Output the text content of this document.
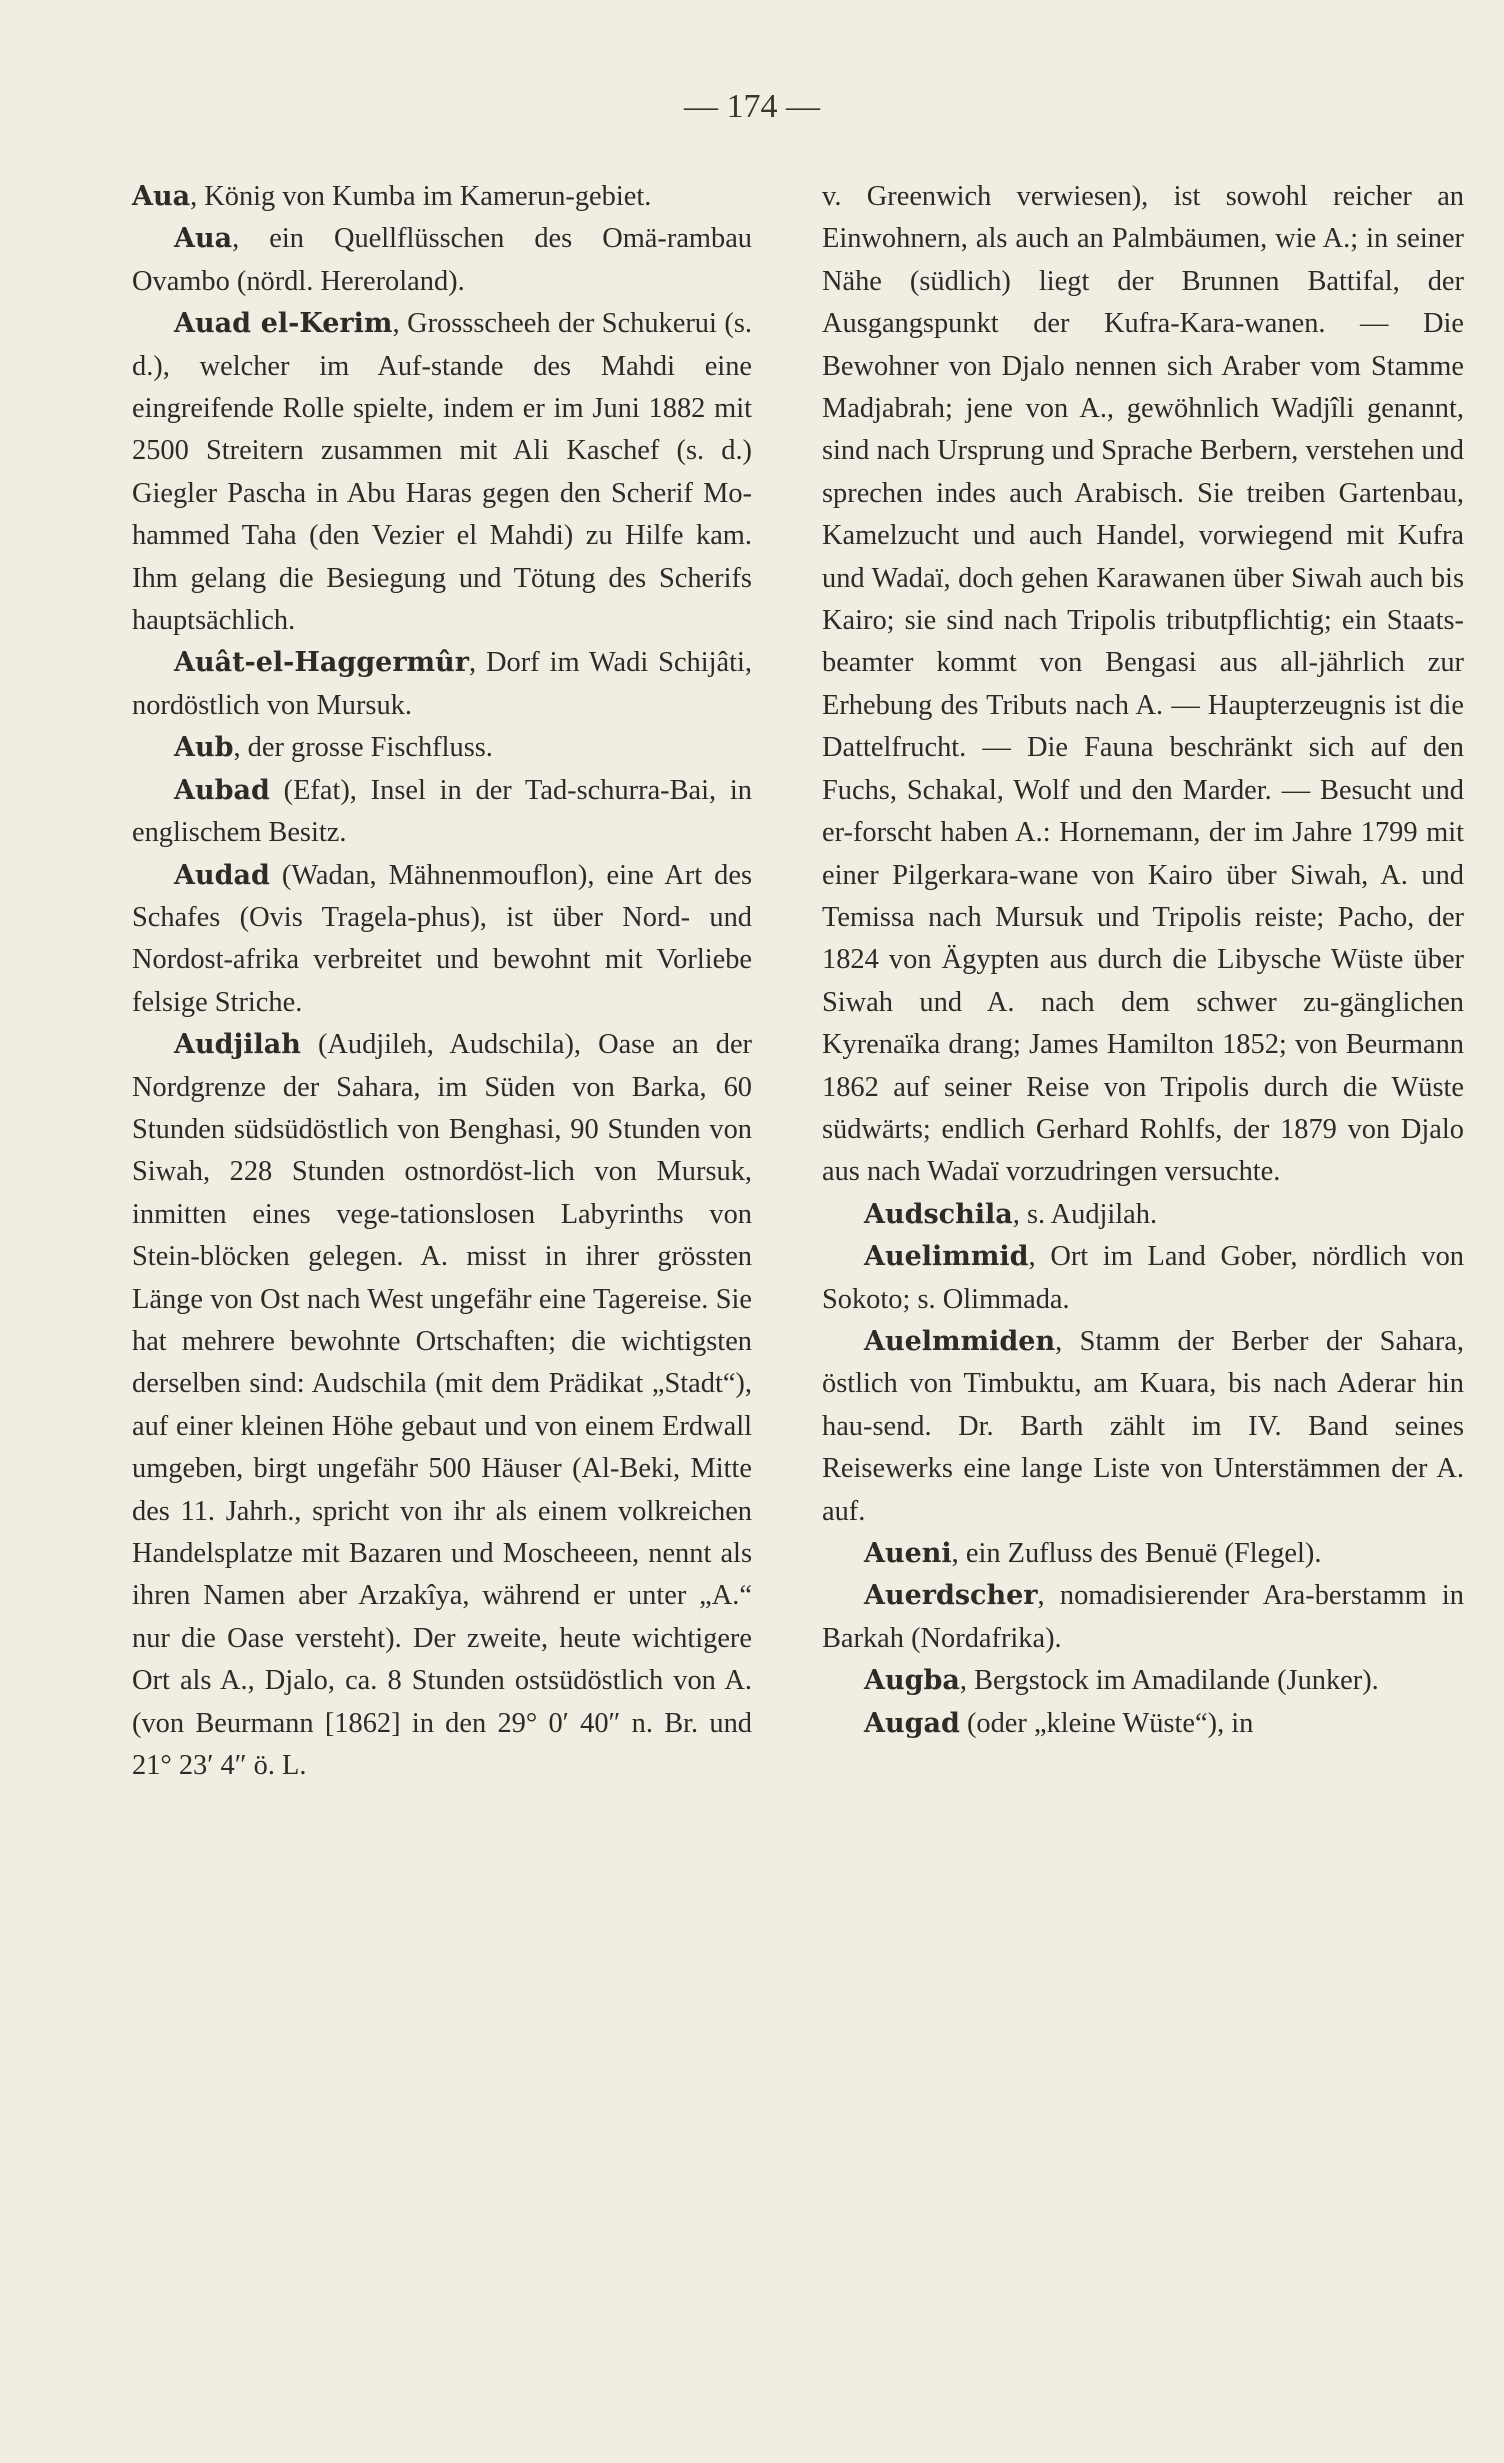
— 174 —

Aua, König von Kumba im Kamerun-gebiet.

Aua, ein Quellflüsschen des Omä-rambau Ovambo (nördl. Hereroland).

Auad el-Kerim, Grossscheeh der Schukerui (s. d.), welcher im Auf-stande des Mahdi eine eingreifende Rolle spielte, indem er im Juni 1882 mit 2500 Streitern zusammen mit Ali Kaschef (s. d.) Giegler Pascha in Abu Haras gegen den Scherif Mo-hammed Taha (den Vezier el Mahdi) zu Hilfe kam. Ihm gelang die Besiegung und Tötung des Scherifs hauptsächlich.

Auât-el-Haggermûr, Dorf im Wadi Schijâti, nordöstlich von Mursuk.

Aub, der grosse Fischfluss.

Aubad (Efat), Insel in der Tad-schurra-Bai, in englischem Besitz.

Audad (Wadan, Mähnenmouflon), eine Art des Schafes (Ovis Tragela-phus), ist über Nord- und Nordost-afrika verbreitet und bewohnt mit Vorliebe felsige Striche.

Audjilah (Audjileh, Audschila), Oase an der Nordgrenze der Sahara, im Süden von Barka, 60 Stunden südsüdöstlich von Benghasi, 90 Stunden von Siwah, 228 Stunden ostnordöst-lich von Mursuk, inmitten eines vege-tationslosen Labyrinths von Stein-blöcken gelegen. A. misst in ihrer grössten Länge von Ost nach West ungefähr eine Tagereise. Sie hat mehrere bewohnte Ortschaften; die wichtigsten derselben sind: Audschila (mit dem Prädikat „Stadt“), auf einer kleinen Höhe gebaut und von einem Erdwall umgeben, birgt ungefähr 500 Häuser (Al-Beki, Mitte des 11. Jahrh., spricht von ihr als einem volkreichen Handelsplatze mit Bazaren und Moscheeen, nennt als ihren Namen aber Arzakîya, während er unter „A.“ nur die Oase versteht). Der zweite, heute wichtigere Ort als A., Djalo, ca. 8 Stunden ostsüdöstlich von A. (von Beurmann [1862] in den 29° 0′ 40″ n. Br. und 21° 23′ 4″ ö. L.

v. Greenwich verwiesen), ist sowohl reicher an Einwohnern, als auch an Palmbäumen, wie A.; in seiner Nähe (südlich) liegt der Brunnen Battifal, der Ausgangspunkt der Kufra-Kara-wanen. — Die Bewohner von Djalo nennen sich Araber vom Stamme Madjabrah; jene von A., gewöhnlich Wadjîli genannt, sind nach Ursprung und Sprache Berbern, verstehen und sprechen indes auch Arabisch. Sie treiben Gartenbau, Kamelzucht und auch Handel, vorwiegend mit Kufra und Wadaï, doch gehen Karawanen über Siwah auch bis Kairo; sie sind nach Tripolis tributpflichtig; ein Staats-beamter kommt von Bengasi aus all-jährlich zur Erhebung des Tributs nach A. — Haupterzeugnis ist die Dattelfrucht. — Die Fauna beschränkt sich auf den Fuchs, Schakal, Wolf und den Marder. — Besucht und er-forscht haben A.: Hornemann, der im Jahre 1799 mit einer Pilgerkara-wane von Kairo über Siwah, A. und Temissa nach Mursuk und Tripolis reiste; Pacho, der 1824 von Ägypten aus durch die Libysche Wüste über Siwah und A. nach dem schwer zu-gänglichen Kyrenaïka drang; James Hamilton 1852; von Beurmann 1862 auf seiner Reise von Tripolis durch die Wüste südwärts; endlich Gerhard Rohlfs, der 1879 von Djalo aus nach Wadaï vorzudringen versuchte.

Audschila, s. Audjilah.

Auelimmid, Ort im Land Gober, nördlich von Sokoto; s. Olimmada.

Auelmmiden, Stamm der Berber der Sahara, östlich von Timbuktu, am Kuara, bis nach Aderar hin hau-send. Dr. Barth zählt im IV. Band seines Reisewerks eine lange Liste von Unterstämmen der A. auf.

Aueni, ein Zufluss des Benuë (Flegel).

Auerdscher, nomadisierender Ara-berstamm in Barkah (Nordafrika).

Augba, Bergstock im Amadilande (Junker).

Augad (oder „kleine Wüste“), in
